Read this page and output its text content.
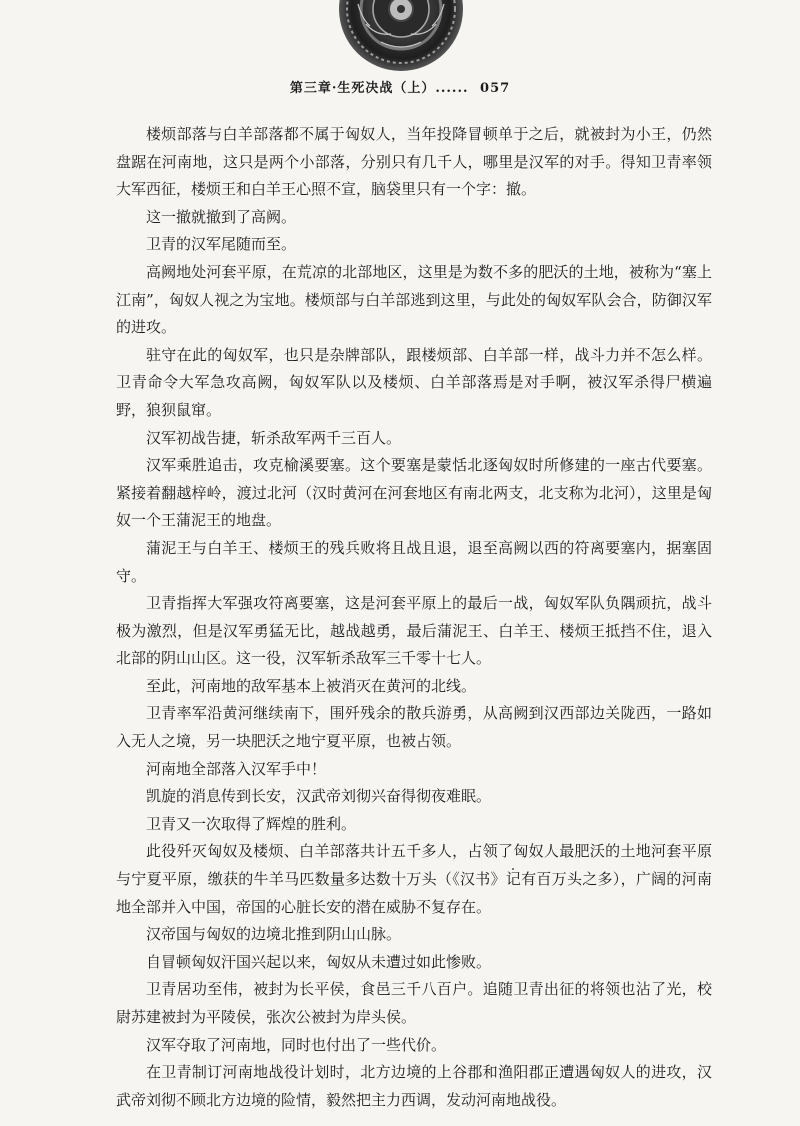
第三章·生死决战（上）...... 057

楼烦部落与白羊部落都不属于匈奴人，当年投降冒顿单于之后，就被封为小王，仍然盘踞在河南地，这只是两个小部落，分别只有几千人，哪里是汉军的对手。得知卫青率领大军西征，楼烦王和白羊王心照不宣，脑袋里只有一个字：撤。

这一撤就撤到了高阙。

卫青的汉军尾随而至。

高阙地处河套平原，在荒凉的北部地区，这里是为数不多的肥沃的土地，被称为“塞上江南”，匈奴人视之为宝地。楼烦部与白羊部逃到这里，与此处的匈奴军队会合，防御汉军的进攻。

驻守在此的匈奴军，也只是杂牌部队，跟楼烦部、白羊部一样，战斗力并不怎么样。卫青命令大军急攻高阙，匈奴军队以及楼烦、白羊部落焉是对手啊，被汉军杀得尸横遍野，狼狈鼠窜。

汉军初战告捷，斩杀敌军两千三百人。

汉军乘胜追击，攻克榆溪要塞。这个要塞是蒙恬北逐匈奴时所修建的一座古代要塞。紧接着翻越梓岭，渡过北河（汉时黄河在河套地区有南北两支，北支称为北河），这里是匈奴一个王蒲泥王的地盘。

蒲泥王与白羊王、楼烦王的残兵败将且战且退，退至高阙以西的符离要塞内，据塞固守。

卫青指挥大军强攻符离要塞，这是河套平原上的最后一战，匈奴军队负隅顽抗，战斗极为激烈，但是汉军勇猛无比，越战越勇，最后蒲泥王、白羊王、楼烦王抵挡不住，退入北部的阴山山区。这一役，汉军斩杀敌军三千零十七人。

至此，河南地的敌军基本上被消灭在黄河的北线。

卫青率军沿黄河继续南下，围歼残余的散兵游勇，从高阙到汉西部边关陇西，一路如入无人之境，另一块肥沃之地宁夏平原，也被占领。

河南地全部落入汉军手中！

凯旋的消息传到长安，汉武帝刘彻兴奋得彻夜难眠。

卫青又一次取得了辉煌的胜利。

此役歼灭匈奴及楼烦、白羊部落共计五千多人，占领了匈奴人最肥沃的土地河套平原与宁夏平原，缴获的牛羊马匹数量多达数十万头（《汉书》记有百万头之多），广阔的河南地全部并入中国，帝国的心脏长安的潜在威胁不复存在。

汉帝国与匈奴的边境北推到阴山山脉。

自冒顿匈奴汗国兴起以来，匈奴从未遭过如此惨败。

卫青居功至伟，被封为长平侯，食邑三千八百户。追随卫青出征的将领也沾了光，校尉苏建被封为平陵侯，张次公被封为岸头侯。

汉军夺取了河南地，同时也付出了一些代价。

在卫青制订河南地战役计划时，北方边境的上谷郡和渔阳郡正遭遇匈奴人的进攻，汉武帝刘彻不顾北方边境的险情，毅然把主力西调，发动河南地战役。
